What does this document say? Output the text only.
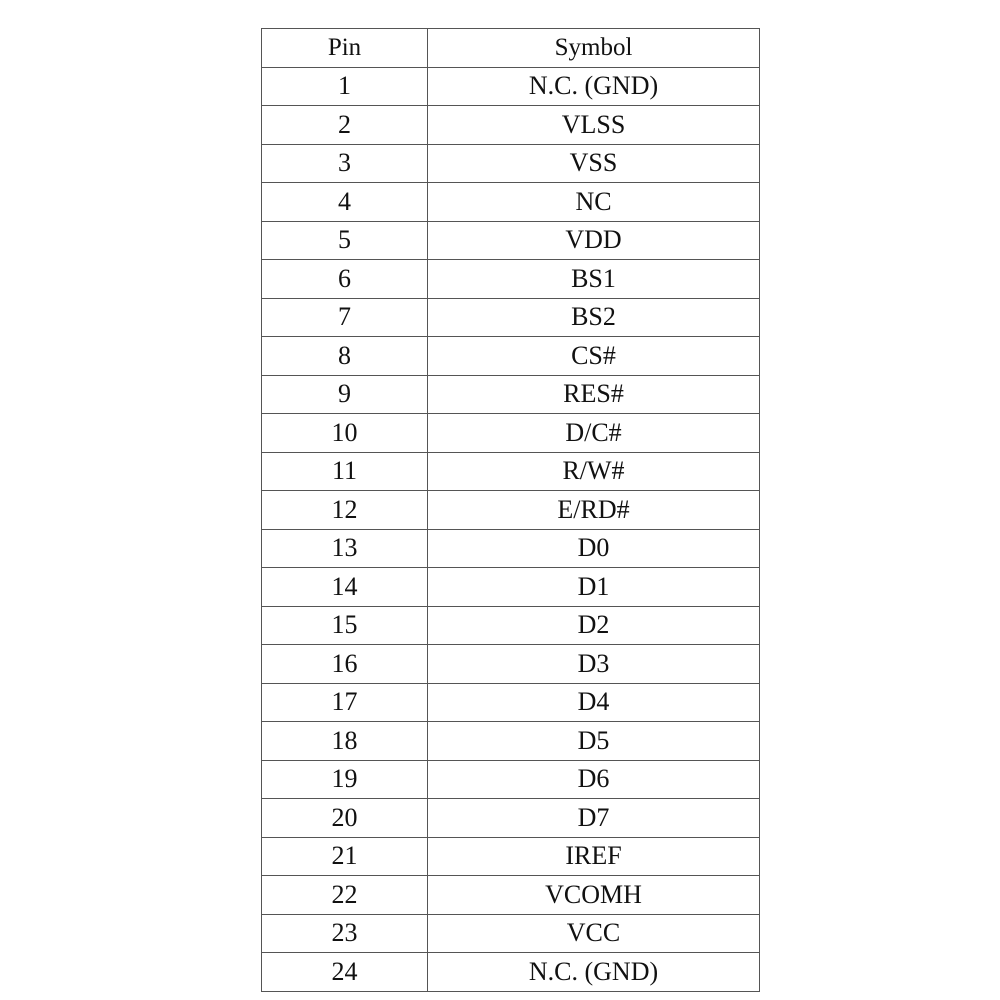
Pin	Symbol
1	N.C. (GND)
2	VLSS
3	VSS
4	NC
5	VDD
6	BS1
7	BS2
8	CS#
9	RES#
10	D/C#
11	R/W#
12	E/RD#
13	D0
14	D1
15	D2
16	D3
17	D4
18	D5
19	D6
20	D7
21	IREF
22	VCOMH
23	VCC
24	N.C. (GND)
